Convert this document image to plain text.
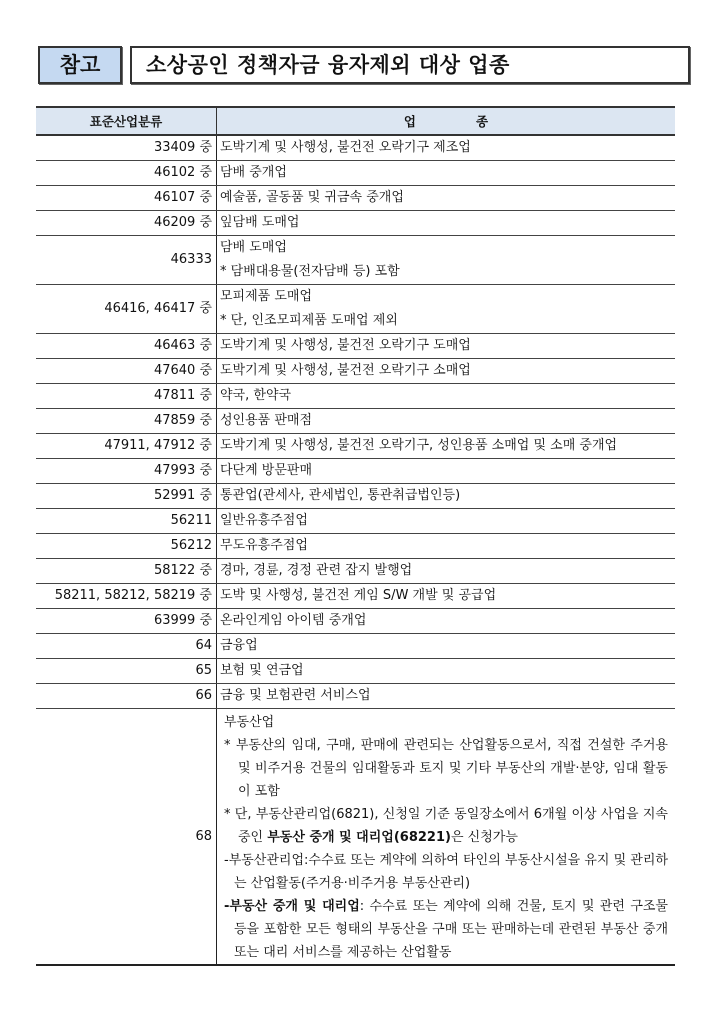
참고	소상공인 정책자금 융자제외 대상 업종
표준산업분류	업종
33409 중	도박기계 및 사행성, 불건전 오락기구 제조업
46102 중	담배 중개업
46107 중	예술품, 골동품 및 귀금속 중개업
46209 중	잎담배 도매업
46333	담배 도매업
* 담배대용물(전자담배 등) 포함

46416, 46417 중	모피제품 도매업
* 단, 인조모피제품 도매업 제외

46463 중	도박기계 및 사행성, 불건전 오락기구 도매업
47640 중	도박기계 및 사행성, 불건전 오락기구 소매업
47811 중	약국, 한약국
47859 중	성인용품 판매점
47911, 47912 중	도박기계 및 사행성, 불건전 오락기구, 성인용품 소매업 및 소매 중개업
47993 중	다단계 방문판매
52991 중	통관업(관세사, 관세법인, 통관취급법인등)
56211	일반유흥주점업
56212	무도유흥주점업
58122 중	경마, 경륜, 경정 관련 잡지 발행업
58211, 58212, 58219 중	도박 및 사행성, 불건전 게임 S/W 개발 및 공급업
63999 중	온라인게임 아이템 중개업
64	금융업
65	보험 및 연금업
66	금융 및 보험관련 서비스업
68	부동산업
* 부동산의 임대, 구매, 판매에 관련되는 산업활동으로서, 직접 건설한 주거용 및 비주거용 건물의 임대활동과 토지 및 기타 부동산의 개발·분양, 임대 활동이 포함
* 단, 부동산관리업(6821), 신청일 기준 동일장소에서 6개월 이상 사업을 지속 중인 부동산 중개 및 대리업(68221)은 신청가능
-부동산관리업:수수료 또는 계약에 의하여 타인의 부동산시설을 유지 및 관리하는 산업활동(주거용·비주거용 부동산관리)
-부동산 중개 및 대리업: 수수료 또는 계약에 의해 건물, 토지 및 관련 구조물 등을 포함한 모든 형태의 부동산을 구매 또는 판매하는데 관련된 부동산 중개 또는 대리 서비스를 제공하는 산업활동
